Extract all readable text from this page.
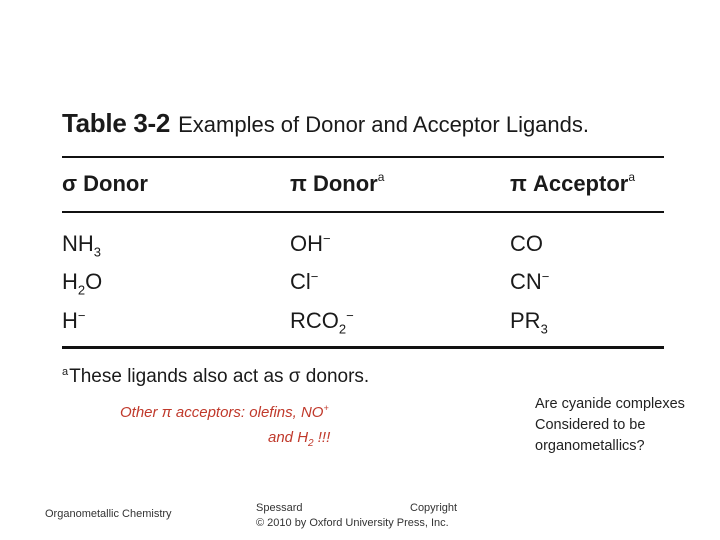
Table 3-2 Examples of Donor and Acceptor Ligands.
σ Donor	π Donor$^a$	π Acceptor$^a$
$NH_3$	OH−	CO
$H_2O$	Cl−	CN−
H−	$RCO_2^-$	$PR_3$
$^a$These ligands also act as σ donors.
Other π acceptors: olefins, NO+
and $H_2$ !!!
Are cyanide complexes
Considered to be
organometallics?
Organometallic Chemistry	Spessard	Copyright
© 2010 by Oxford University Press, Inc.
